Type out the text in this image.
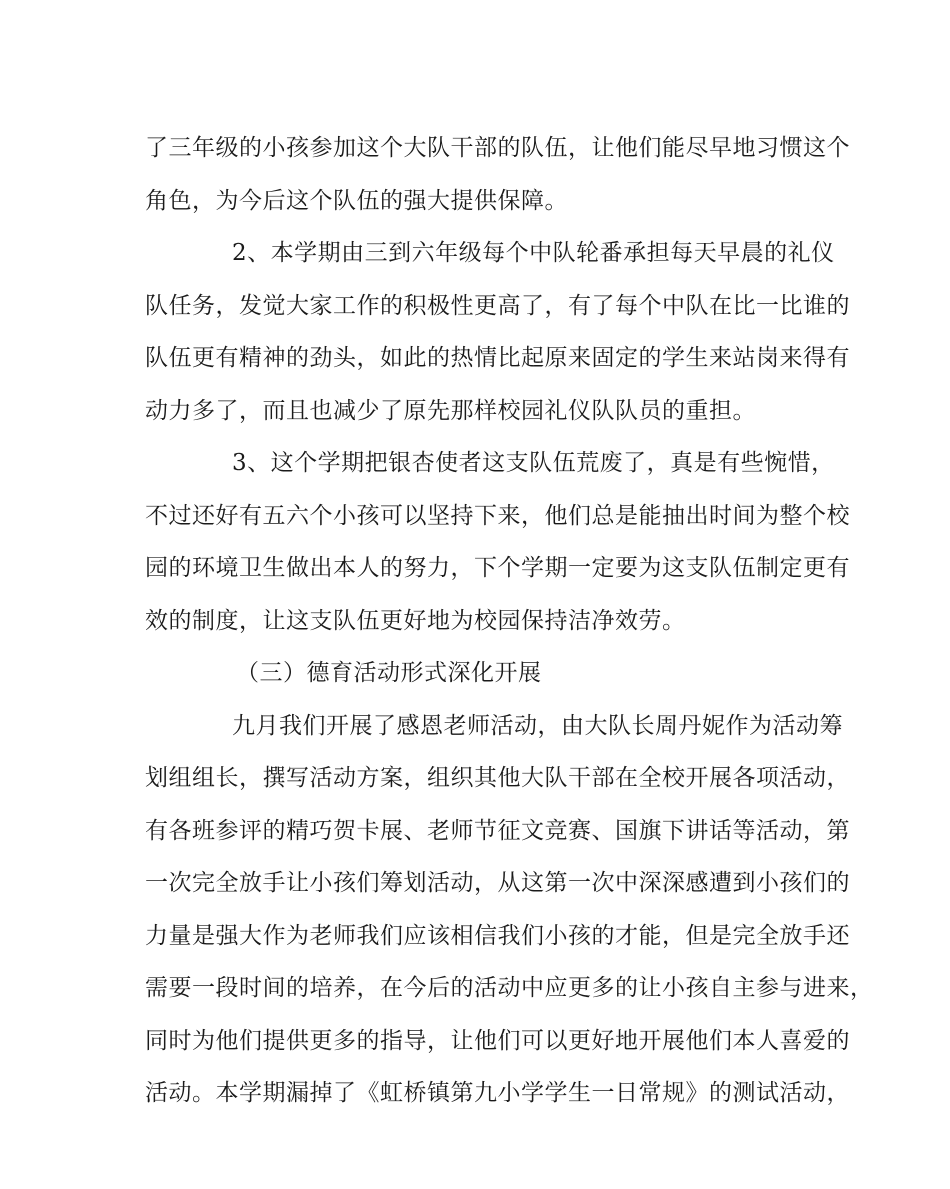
了三年级的小孩参加这个大队干部的队伍，让他们能尽早地习惯这个
角色，为今后这个队伍的强大提供保障。
2、本学期由三到六年级每个中队轮番承担每天早晨的礼仪
队任务，发觉大家工作的积极性更高了，有了每个中队在比一比谁的
队伍更有精神的劲头，如此的热情比起原来固定的学生来站岗来得有
动力多了，而且也减少了原先那样校园礼仪队队员的重担。
3、这个学期把银杏使者这支队伍荒废了，真是有些惋惜，
不过还好有五六个小孩可以坚持下来，他们总是能抽出时间为整个校
园的环境卫生做出本人的努力，下个学期一定要为这支队伍制定更有
效的制度，让这支队伍更好地为校园保持洁净效劳。
（三）德育活动形式深化开展
九月我们开展了感恩老师活动，由大队长周丹妮作为活动筹
划组组长，撰写活动方案，组织其他大队干部在全校开展各项活动，
有各班参评的精巧贺卡展、老师节征文竞赛、国旗下讲话等活动，第
一次完全放手让小孩们筹划活动，从这第一次中深深感遭到小孩们的
力量是强大作为老师我们应该相信我们小孩的才能，但是完全放手还
需要一段时间的培养，在今后的活动中应更多的让小孩自主参与进来，
同时为他们提供更多的指导，让他们可以更好地开展他们本人喜爱的
活动。本学期漏掉了《虹桥镇第九小学学生一日常规》的测试活动，
